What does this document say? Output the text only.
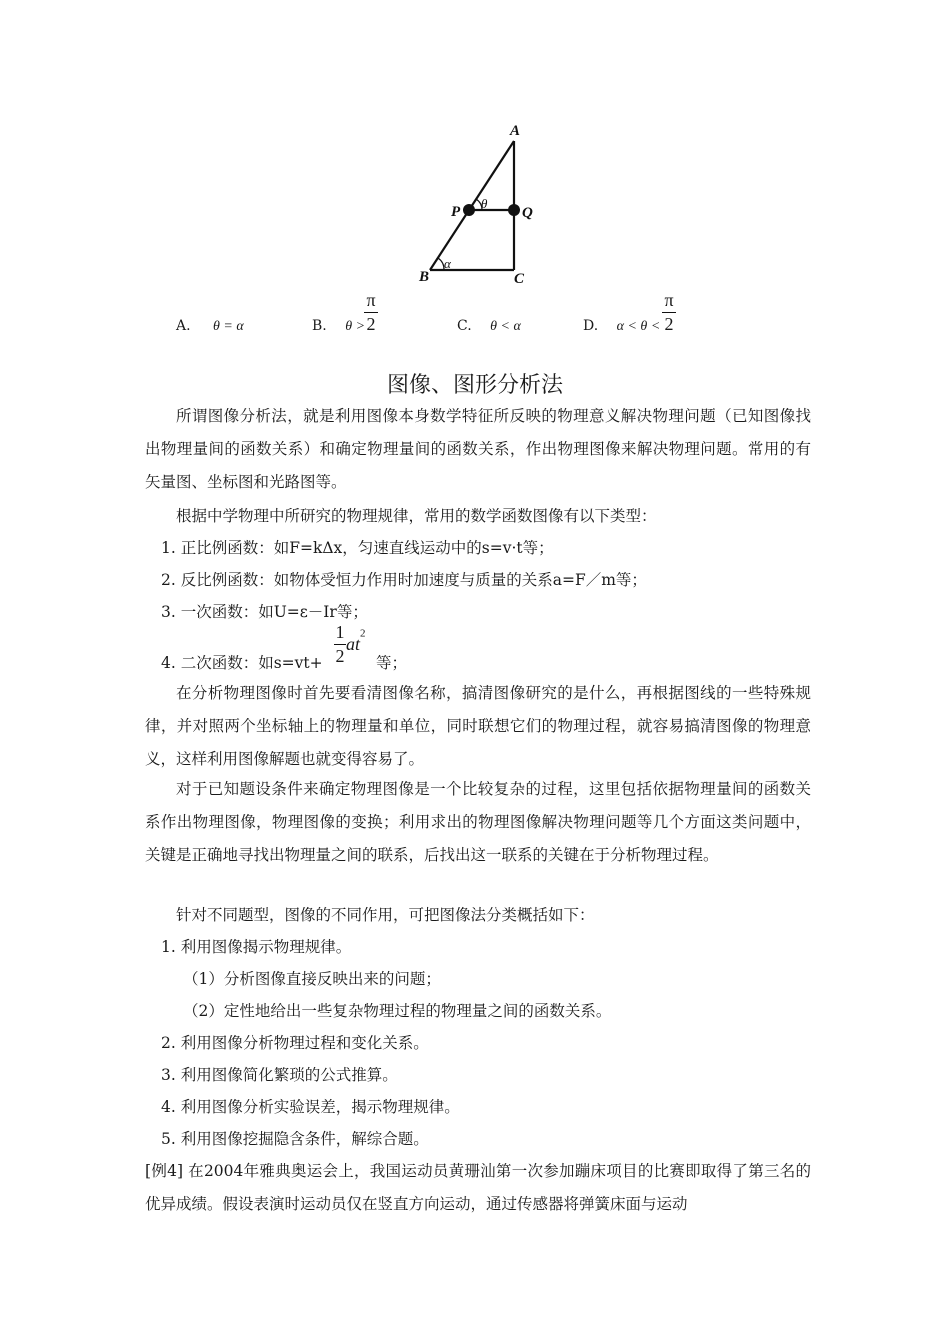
A
P	Q
B	C
θ
α
A. θ = α	B. θ >
π
2	C. θ < α	D. α < θ <
π
2
图像、图形分析法
所谓图像分析法，就是利用图像本身数学特征所反映的物理意义解决物理问题（已知图像找出物理量间的函数关系）和确定物理量间的函数关系，作出物理图像来解决物理问题。常用的有矢量图、坐标图和光路图等。
根据中学物理中所研究的物理规律，常用的数学函数图像有以下类型：
1. 正比例函数：如F=kΔx，匀速直线运动中的s=v·t等；
2. 反比例函数：如物体受恒力作用时加速度与质量的关系a=F／m等；
3. 一次函数：如U=ε－Ir等；
4. 二次函数：如$s=vt+ \frac{1}{2}at^2$
等；
在分析物理图像时首先要看清图像名称，搞清图像研究的是什么，再根据图线的一些特殊规律，并对照两个坐标轴上的物理量和单位，同时联想它们的物理过程，就容易搞清图像的物理意义，这样利用图像解题也就变得容易了。
对于已知题设条件来确定物理图像是一个比较复杂的过程，这里包括依据物理量间的函数关系作出物理图像，物理图像的变换；利用求出的物理图像解决物理问题等几个方面这类问题中，关键是正确地寻找出物理量之间的联系，后找出这一联系的关键在于分析物理过程。
针对不同题型，图像的不同作用，可把图像法分类概括如下：
1. 利用图像揭示物理规律。
（1）分析图像直接反映出来的问题；
（2）定性地给出一些复杂物理过程的物理量之间的函数关系。
2. 利用图像分析物理过程和变化关系。
3. 利用图像简化繁琐的公式推算。
4. 利用图像分析实验误差，揭示物理规律。
5. 利用图像挖掘隐含条件，解综合题。
[例4] 在2004年雅典奥运会上，我国运动员黄珊汕第一次参加蹦床项目的比赛即取得了第三名的优异成绩。假设表演时运动员仅在竖直方向运动，通过传感器将弹簧床面与运动
